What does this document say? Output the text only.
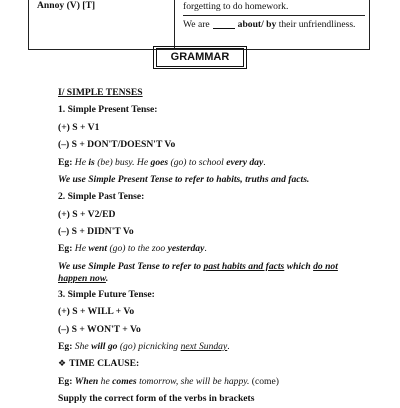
Annoy (V) [T]	forgetting to do homework.
We are	about/ by
their unfriendliness.
GRAMMAR
I/ SIMPLE TENSES
1. Simple Present Tense:
(+) S + V1
(–) S + DON'T/DOESN'T Vo
Eg:
He
is
(be) busy.
He
goes
(go) to school
every day .
We use Simple Present Tense to refer to habits, truths and facts.
2. Simple Past Tense:
(+) S + V2/ED
(–) S + DIDN'T Vo
Eg:
He
went
(go) to the zoo
yesterday .
We use Simple Past Tense to refer to past habits and facts which do not happen now.
3. Simple Future Tense:
(+) S + WILL + Vo
(–) S + WON'T + Vo
Eg:
She
will go
(go) picnicking
next Sunday .
❖ TIME CLAUSE:
Eg:
When
he
comes
tomorrow, she will be happy.
(come)
Supply the correct form of the verbs in brackets
